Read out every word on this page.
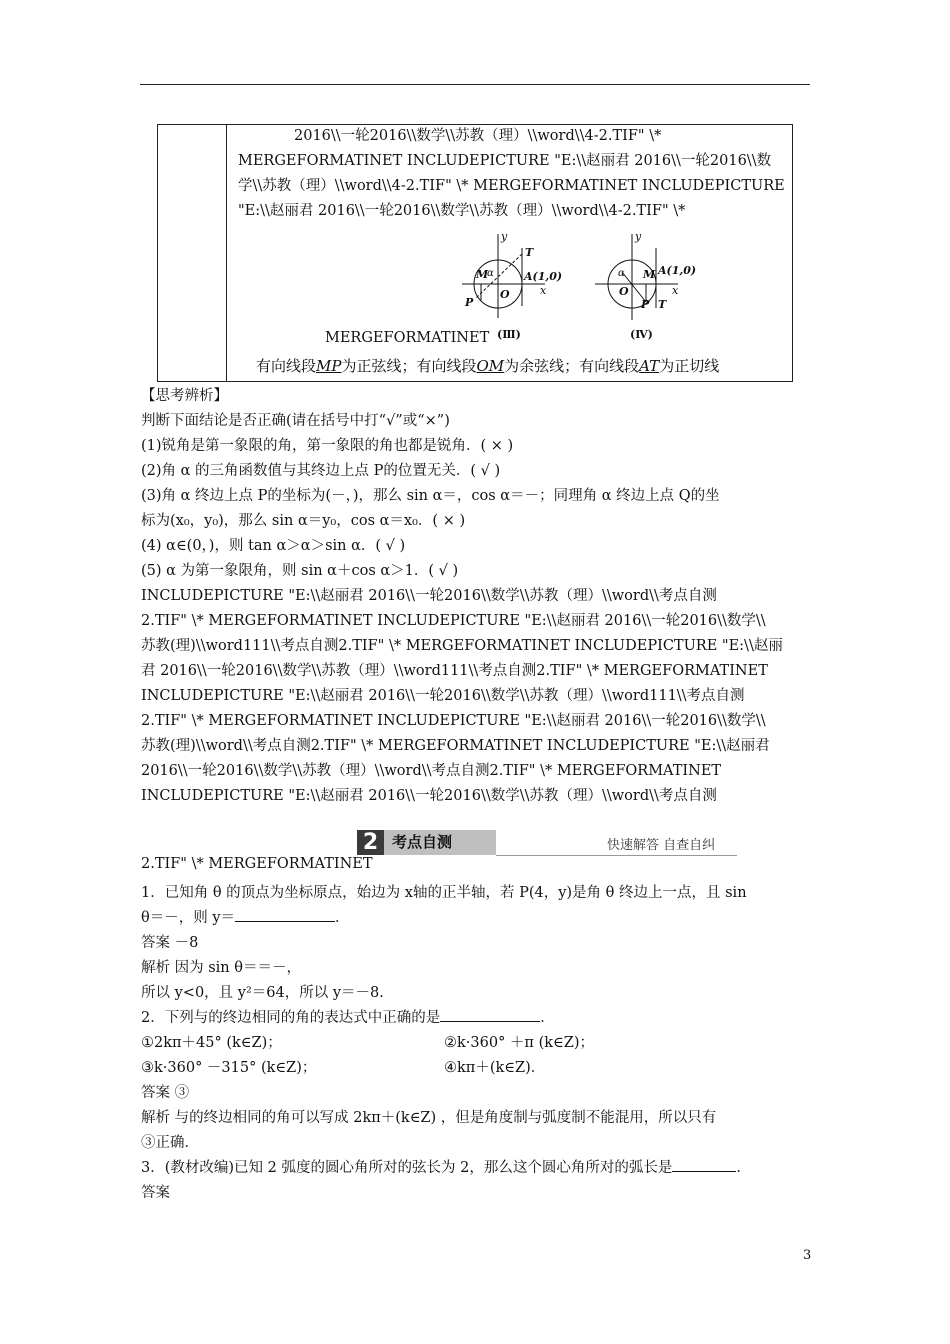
2016\\一轮2016\\数学\\苏教（理）\\word\\4-2.TIF" \*
MERGEFORMATINET INCLUDEPICTURE "E:\\赵丽君 2016\\一轮2016\\数
学\\苏教（理）\\word\\4-2.TIF" \* MERGEFORMATINET INCLUDEPICTURE
"E:\\赵丽君 2016\\一轮2016\\数学\\苏教（理）\\word\\4-2.TIF" \*
y
T
M
α	A(1,0)
O	x
P
(Ⅲ)
y
α M A(1,0)
O	x
P T
(Ⅳ)
MERGEFORMATINET
有向线段MP为正弦线；有向线段OM为余弦线；有向线段AT为正切线
【思考辨析】
判断下面结论是否正确(请在括号中打“√”或“×”)
(1)锐角是第一象限的角，第一象限的角也都是锐角．( × )
(2)角 α 的三角函数值与其终边上点 P的位置无关．( √ )
(3)角 α 终边上点 P的坐标为(－，)，那么 sin α＝，cos α＝－；同理角 α 终边上点 Q的坐
标为(x₀，y₀)，那么 sin α＝y₀，cos α＝x₀．( × )
(4) α∈(0，)，则 tan α＞α＞sin α．( √ )
(5) α 为第一象限角，则 sin α＋cos α＞1．( √ )
INCLUDEPICTURE "E:\\赵丽君 2016\\一轮2016\\数学\\苏教（理）\\word\\考点自测
2.TIF" \* MERGEFORMATINET INCLUDEPICTURE "E:\\赵丽君 2016\\一轮2016\\数学\\
苏教(理)\\word111\\考点自测2.TIF" \* MERGEFORMATINET INCLUDEPICTURE "E:\\赵丽
君 2016\\一轮2016\\数学\\苏教（理）\\word111\\考点自测2.TIF" \* MERGEFORMATINET
INCLUDEPICTURE "E:\\赵丽君 2016\\一轮2016\\数学\\苏教（理）\\word111\\考点自测
2.TIF" \* MERGEFORMATINET INCLUDEPICTURE "E:\\赵丽君 2016\\一轮2016\\数学\\
苏教(理)\\word\\考点自测2.TIF" \* MERGEFORMATINET INCLUDEPICTURE "E:\\赵丽君
2016\\一轮2016\\数学\\苏教（理）\\word\\考点自测2.TIF" \* MERGEFORMATINET
INCLUDEPICTURE "E:\\赵丽君 2016\\一轮2016\\数学\\苏教（理）\\word\\考点自测
2 考点自测	快速解答 自查自纠
2.TIF" \* MERGEFORMATINET
1．已知角 θ 的顶点为坐标原点，始边为 x轴的正半轴，若 P(4，y)是角 θ 终边上一点，且 sin
θ＝－，则 y＝	．
答案 －8
解析 因为 sin θ＝＝－，
所以 y<0，且 y²＝64，所以 y＝－8.
2．下列与的终边相同的角的表达式中正确的是	．
①2kπ＋45° (k∈Z)；	②k·360° ＋π (k∈Z)；
③k·360° －315° (k∈Z)；	④kπ＋(k∈Z)．
答案 ③
解析 与的终边相同的角可以写成 2kπ＋(k∈Z) ，但是角度制与弧度制不能混用，所以只有
③正确．
3．(教材改编)已知 2 弧度的圆心角所对的弦长为 2，那么这个圆心角所对的弧长是	．
答案
3
